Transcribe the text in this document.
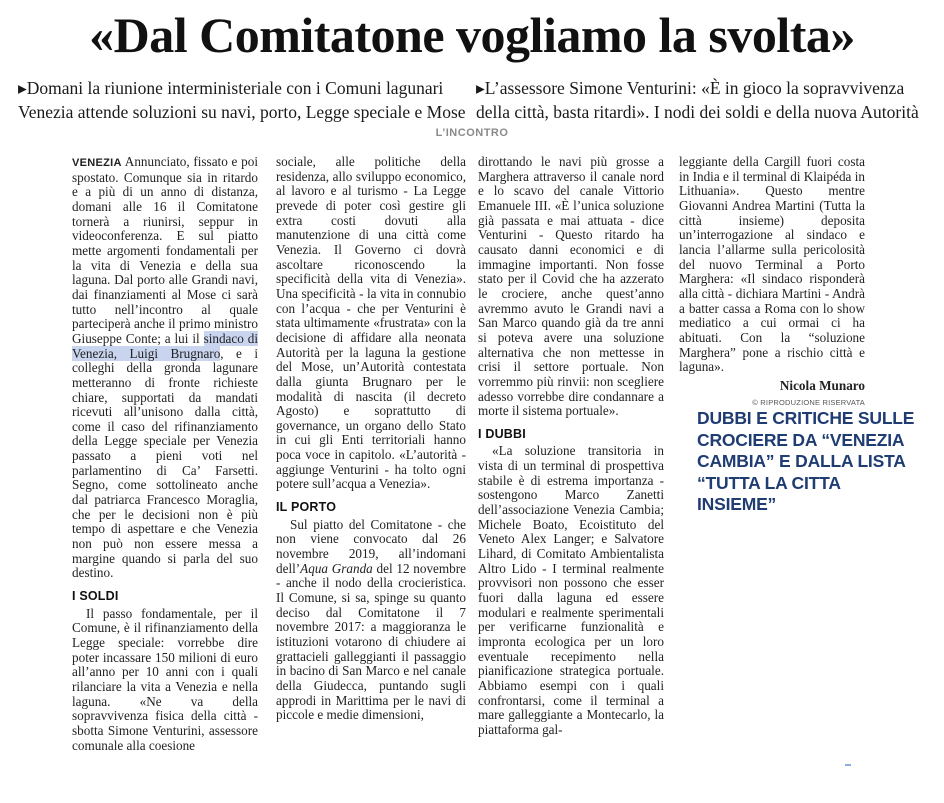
«Dal Comitatone vogliamo la svolta»
▸Domani la riunione interministeriale con i Comuni lagunari Venezia attende soluzioni su navi, porto, Legge speciale e Mose
▸L’assessore Simone Venturini: «È in gioco la sopravvivenza della città, basta ritardi». I nodi dei soldi e della nuova Autorità
L’INCONTRO

VENEZIA Annunciato, fissato e poi spostato. Comunque sia in ritardo e a più di un anno di distanza, domani alle 16 il Comitatone tornerà a riunirsi, seppur in videoconferenza. E sul piatto mette argomenti fondamentali per la vita di Venezia e della sua laguna. Dal porto alle Grandi navi, dai finanziamenti al Mose ci sarà tutto nell’incontro al quale parteciperà anche il primo ministro Giuseppe Conte; a lui il sindaco di Venezia, Luigi Brugnaro, e i colleghi della gronda lagunare metteranno di fronte richieste chiare, supportati da mandati ricevuti all’unisono dalla città, come il caso del rifinanziamento della Legge speciale per Venezia passato a pieni voti nel parlamentino di Ca’ Farsetti. Segno, come sottolineato anche dal patriarca Francesco Moraglia, che per le decisioni non è più tempo di aspettare e che Venezia non può non essere messa a margine quando si parla del suo destino.

I SOLDI

Il passo fondamentale, per il Comune, è il rifinanziamento della Legge speciale: vorrebbe dire poter incassare 150 milioni di euro all’anno per 10 anni con i quali rilanciare la vita a Venezia e nella laguna. «Ne va della sopravvivenza fisica della città - sbotta Simone Venturini, assessore comunale alla coesione

sociale, alle politiche della residenza, allo sviluppo economico, al lavoro e al turismo - La Legge prevede di poter così gestire gli extra costi dovuti alla manutenzione di una città come Venezia. Il Governo ci dovrà ascoltare riconoscendo la specificità della vita di Venezia». Una specificità - la vita in connubio con l’acqua - che per Venturini è stata ultimamente «frustrata» con la decisione di affidare alla neonata Autorità per la laguna la gestione del Mose, un’Autorità contestata dalla giunta Brugnaro per le modalità di nascita (il decreto Agosto) e soprattutto di governance, un organo dello Stato in cui gli Enti territoriali hanno poca voce in capitolo. «L’autorità - aggiunge Venturini - ha tolto ogni potere sull’acqua a Venezia».

IL PORTO

Sul piatto del Comitatone - che non viene convocato dal 26 novembre 2019, all’indomani dell’Aqua Granda del 12 novembre - anche il nodo della crocieristica. Il Comune, si sa, spinge su quanto deciso dal Comitatone il 7 novembre 2017: a maggioranza le istituzioni votarono di chiudere ai grattacieli galleggianti il passaggio in bacino di San Marco e nel canale della Giudecca, puntando sugli approdi in Marittima per le navi di piccole e medie dimensioni,

dirottando le navi più grosse a Marghera attraverso il canale nord e lo scavo del canale Vittorio Emanuele III. «È l’unica soluzione già passata e mai attuata - dice Venturini - Questo ritardo ha causato danni economici e di immagine importanti. Non fosse stato per il Covid che ha azzerato le crociere, anche quest’anno avremmo avuto le Grandi navi a San Marco quando già da tre anni si poteva avere una soluzione alternativa che non mettesse in crisi il settore portuale. Non vorremmo più rinvii: non scegliere adesso vorrebbe dire condannare a morte il sistema portuale».

I DUBBI

«La soluzione transitoria in vista di un terminal di prospettiva stabile è di estrema importanza - sostengono Marco Zanetti dell’associazione Venezia Cambia; Michele Boato, Ecoistituto del Veneto Alex Langer; e Salvatore Lihard, di Comitato Ambientalista Altro Lido - I terminal realmente provvisori non possono che esser fuori dalla laguna ed essere modulari e realmente sperimentali per verificarne funzionalità e impronta ecologica per un loro eventuale recepimento nella pianificazione strategica portuale. Abbiamo esempi con i quali confrontarsi, come il terminal a mare galleggiante a Montecarlo, la piattaforma gal-

leggiante della Cargill fuori costa in India e il terminal di Klaipéda in Lithuania». Questo mentre Giovanni Andrea Martini (Tutta la città insieme) deposita un’interrogazione al sindaco e lancia l’allarme sulla pericolosità del nuovo Terminal a Porto Marghera: «Il sindaco risponderà alla città - dichiara Martini - Andrà a batter cassa a Roma con lo show mediatico a cui ormai ci ha abituati. Con la “soluzione Marghera” pone a rischio città e laguna».

Nicola Munaro
© RIPRODUZIONE RISERVATA
DUBBI E CRITICHE SULLE CROCIERE DA “VENEZIA CAMBIA” E DALLA LISTA “TUTTA LA CITTA INSIEME”
